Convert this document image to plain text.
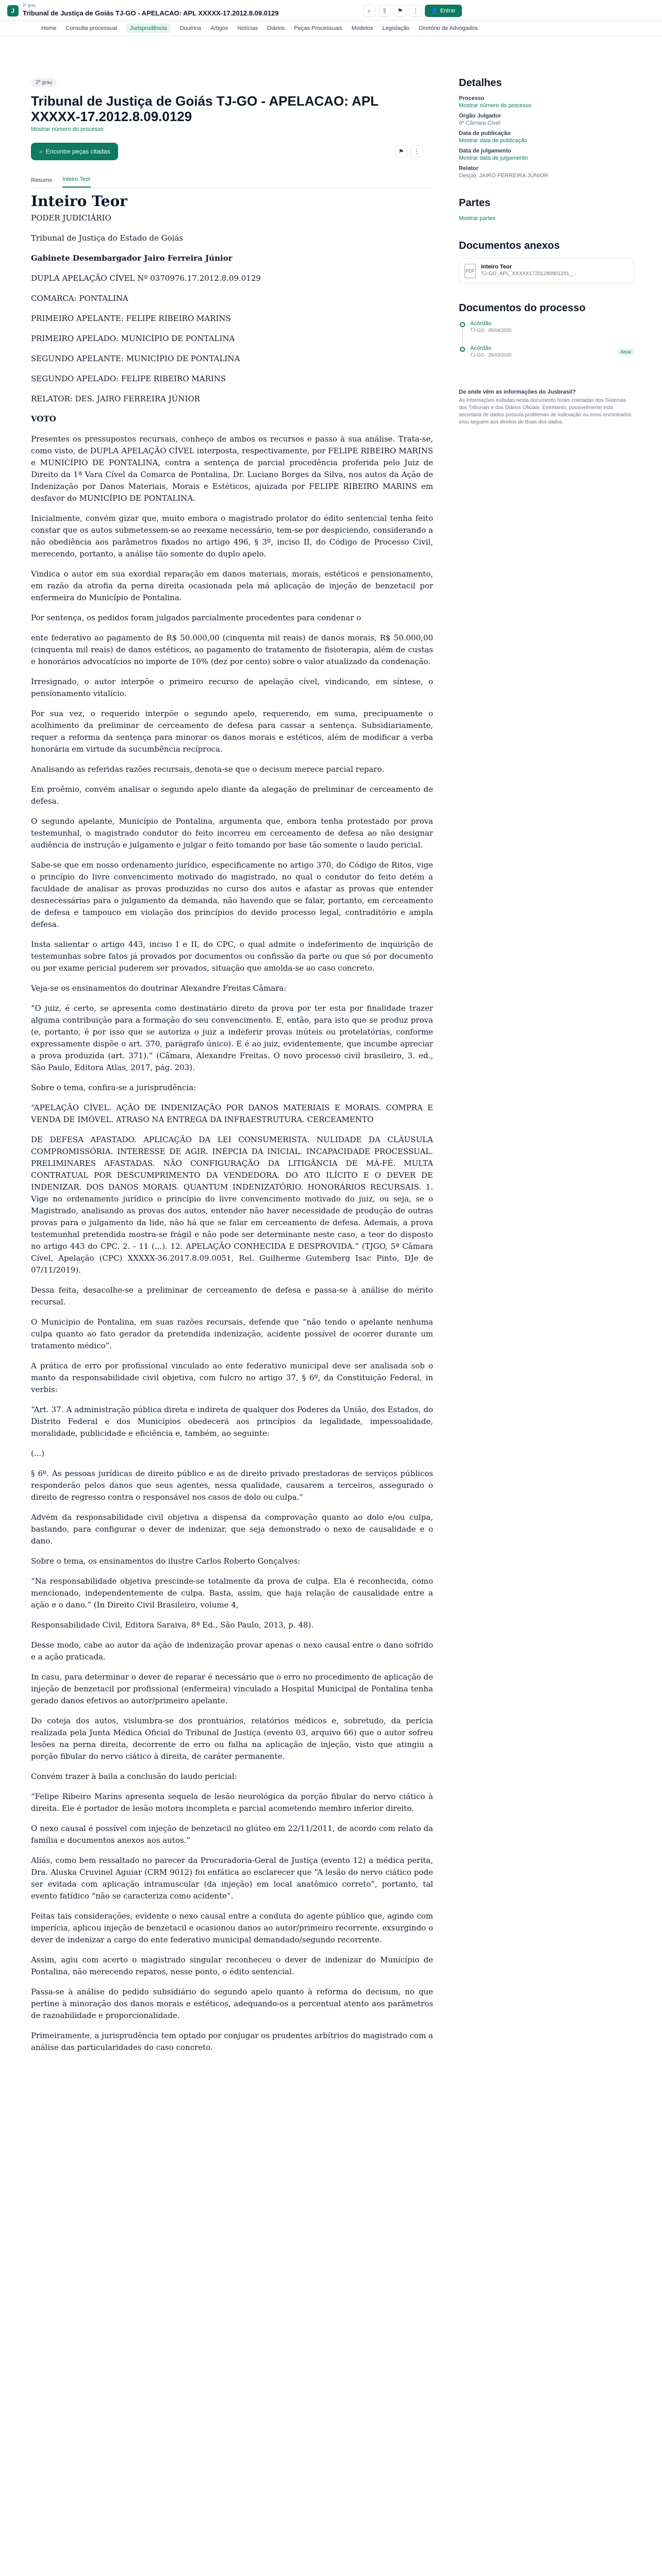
J
2º grau
Tribunal de Justiça de Goiás TJ-GO - APELACAO: APL XXXXX-17.2012.8.09.0129	⌕	⇪	⚑	⋮	👤 Entrar
Home Consulta processual	Jurisprudência	Doutrina Artigos Notícias Diários Peças Processuais Modelos Legislação Diretório de Advogados
2º grau
Tribunal de Justiça de Goiás TJ-GO - APELACAO: APL XXXXX-17.2012.8.09.0129
Mostrar número do processo
⌕ Encontre peças citadas	⚑	⋮
Resumo Inteiro Teor
Inteiro Teor

PODER JUDICIÁRIO

Tribunal de Justiça do Estado de Goiás

Gabinete Desembargador Jairo Ferreira Júnior

DUPLA APELAÇÃO CÍVEL Nº 0370976.17.2012.8.09.0129

COMARCA: PONTALINA

PRIMEIRO APELANTE: FELIPE RIBEIRO MARINS

PRIMEIRO APELADO: MUNICÍPIO DE PONTALINA

SEGUNDO APELANTE: MUNICÍPIO DE PONTALINA

SEGUNDO APELADO: FELIPE RIBEIRO MARINS

RELATOR: DES. JAIRO FERREIRA JÚNIOR

VOTO

Presentes os pressupostos recursais, conheço de ambos os recursos e passo à sua análise. Trata-se, como visto, de DUPLA APELAÇÃO CÍVEL interposta, respectivamente, por FELIPE RIBEIRO MARINS e MUNICÍPIO DE PONTALINA, contra a sentença de parcial procedência proferida pelo Juiz de Direito da 1ª Vara Cível da Comarca de Pontalina, Dr. Luciano Borges da Silva, nos autos da Ação de Indenização por Danos Materiais, Morais e Estéticos, ajuizada por FELIPE RIBEIRO MARINS em desfavor do MUNICÍPIO DE PONTALINA.

Inicialmente, convém gizar que, muito embora o magistrado prolator do édito sentencial tenha feito constar que os autos submetessem-se ao reexame necessário, tem-se por despiciendo, considerando a não obediência aos parâmetros fixados no artigo 496, § 3º, inciso II, do Código de Processo Civil, merecendo, portanto, a análise tão somente do duplo apelo.

Vindica o autor em sua exordial reparação em danos materiais, morais, estéticos e pensionamento, em razão da atrofia da perna direita ocasionada pela má aplicação de injeção de benzetacil por enfermeira do Município de Pontalina.

Por sentença, os pedidos foram julgados parcialmente procedentes para condenar o

ente federativo ao pagamento de R$ 50.000,00 (cinquenta mil reais) de danos morais, R$ 50.000,00 (cinquenta mil reais) de danos estéticos, ao pagamento do tratamento de fisioterapia, além de custas e honorários advocatícios no importe de 10% (dez por cento) sobre o valor atualizado da condenação.

Irresignado, o autor interpõe o primeiro recurso de apelação cível, vindicando, em síntese, o pensionamento vitalício.

Por sua vez, o requerido interpõe o segundo apelo, requerendo, em suma, precipuamente o acolhimento da preliminar de cerceamento de defesa para cassar a sentença. Subsidiariamente, requer a reforma da sentença para minorar os danos morais e estéticos, além de modificar a verba honorária em virtude da sucumbência recíproca.

Analisando as referidas razões recursais, denota-se que o decisum merece parcial reparo.

Em proêmio, convém analisar o segundo apelo diante da alegação de preliminar de cerceamento de defesa.

O segundo apelante, Município de Pontalina, argumenta que, embora tenha protestado por prova testemunhal, o magistrado condutor do feito incorreu em cerceamento de defesa ao não designar audiência de instrução e julgamento e julgar o feito tomando por base tão somente o laudo pericial.

Sabe-se que em nosso ordenamento jurídico, especificamente no artigo 370, do Código de Ritos, vige o princípio do livre convencimento motivado do magistrado, no qual o condutor do feito detém a faculdade de analisar as provas produzidas no curso dos autos e afastar as provas que entender desnecessárias para o julgamento da demanda, não havendo que se falar, portanto, em cerceamento de defesa e tampouco em violação dos princípios do devido processo legal, contraditório e ampla defesa.

Insta salientar o artigo 443, inciso I e II, do CPC, o qual admite o indeferimento de inquirição de testemunhas sobre fatos já provados por documentos ou confissão da parte ou que só por documento ou por exame pericial puderem ser provados, situação que amolda-se ao caso concreto.

Veja-se os ensinamentos do doutrinar Alexandre Freitas Câmara:

“O juiz, é certo, se apresenta como destinatário direto da prova por ter esta por finalidade trazer alguma contribuição para a formação do seu convencimento. E, então, para isto que se produz prova (e, portanto, é por isso que se autoriza o juiz a indeferir provas inúteis ou protelatórias, conforme expressamente dispõe o art. 370, parágrafo único). E é ao juiz, evidentemente, que incumbe apreciar a prova produzida (art. 371).” (Câmara, Alexandre Freitas. O novo processo civil brasileiro, 3. ed., São Paulo, Editora Atlas, 2017, pág. 203).

Sobre o tema, confira-se a jurisprudência:

“APELAÇÃO CÍVEL. AÇÃO DE INDENIZAÇÃO POR DANOS MATERIAIS E MORAIS. COMPRA E VENDA DE IMÓVEL. ATRASO NA ENTREGA DA INFRAESTRUTURA. CERCEAMENTO

DE DEFESA AFASTADO. APLICAÇÃO DA LEI CONSUMERISTA. NULIDADE DA CLÁUSULA COMPROMISSÓRIA. INTERESSE DE AGIR. INÉPCIA DA INICIAL. INCAPACIDADE PROCESSUAL. PRELIMINARES AFASTADAS. NÃO CONFIGURAÇÃO DA LITIGÂNCIA DE MÁ-FÉ. MULTA CONTRATUAL POR DESCUMPRIMENTO DA VENDEDORA. DO ATO ILÍCITO E O DEVER DE INDENIZAR. DOS DANOS MORAIS. QUANTUM INDENIZATÓRIO. HONORÁRIOS RECURSAIS. 1. Vige no ordenamento jurídico o princípio do livre convencimento motivado do juiz, ou seja, se o Magistrado, analisando as provas dos autos, entender não haver necessidade de produção de outras provas para o julgamento da lide, não há que se falar em cerceamento de defesa. Ademais, a prova testemunhal pretendida mostra-se frágil e não pode ser determinante neste caso, a teor do disposto no artigo 443 do CPC. 2. - 11 (...). 12. APELAÇÃO CONHECIDA E DESPROVIDA.” (TJGO, 5ª Câmara Cível, Apelação (CPC) XXXXX-36.2017.8.09.0051, Rel. Guilherme Gutemberg Isac Pinto, DJe de 07/11/2019).

Dessa feita, desacolhe-se a preliminar de cerceamento de defesa e passa-se à análise do mérito recursal.

O Município de Pontalina, em suas razões recursais, defende que “não tendo o apelante nenhuma culpa quanto ao fato gerador da pretendida indenização, acidente possível de ocorrer durante um tratamento médico”.

A prática de erro por profissional vinculado ao ente federativo municipal deve ser analisada sob o manto da responsabilidade civil objetiva, com fulcro no artigo 37, § 6º, da Constituição Federal, in verbis:

“Art. 37. A administração pública direta e indireta de qualquer dos Poderes da União, dos Estados, do Distrito Federal e dos Municípios obedecerá aos princípios da legalidade, impessoalidade, moralidade, publicidade e eficiência e, também, ao seguinte:

(...)

§ 6º. As pessoas jurídicas de direito público e as de direito privado prestadoras de serviços públicos responderão pelos danos que seus agentes, nessa qualidade, causarem a terceiros, assegurado o direito de regresso contra o responsável nos casos de dolo ou culpa.”

Advém da responsabilidade civil objetiva a dispensa da comprovação quanto ao dolo e/ou culpa, bastando, para configurar o dever de indenizar, que seja demonstrado o nexo de causalidade e o dano.

Sobre o tema, os ensinamentos do ilustre Carlos Roberto Gonçalves:

“Na responsabilidade objetiva prescinde-se totalmente da prova de culpa. Ela é reconhecida, como mencionado, independentemente de culpa. Basta, assim, que haja relação de causalidade entre a ação e o dano.” (In Direito Civil Brasileiro, volume 4,

Responsabilidade Civil, Editora Saraiva, 8ª Ed., São Paulo, 2013, p. 48).

Desse modo, cabe ao autor da ação de indenização provar apenas o nexo causal entre o dano sofrido e a ação praticada.

In casu, para determinar o dever de reparar é necessário que o erro no procedimento de aplicação de injeção de benzetacil por profissional (enfermeira) vinculado a Hospital Municipal de Pontalina tenha gerado danos efetivos ao autor/primeiro apelante.

Do coteja dos autos, vislumbra-se dos prontuários, relatórios médicos e, sobretudo, da perícia realizada pela Junta Médica Oficial do Tribunal de Justiça (evento 03, arquivo 66) que o autor sofreu lesões na perna direita, decorrente de erro ou falha na aplicação de injeção, visto que atingiu a porção fibular do nervo ciático à direita, de caráter permanente.

Convém trazer à baila a conclusão do laudo pericial:

“Felipe Ribeiro Marins apresenta sequela de lesão neurológica da porção fibular do nervo ciático à direita. Ele é portador de lesão motora incompleta e parcial acometendo membro inferior direito.

O nexo causal é possível com injeção de benzetacil no glúteo em 22/11/2011, de acordo com relato da família e documentos anexos aos autos.”

Aliás, como bem ressaltado no parecer da Procuradoria-Geral de Justiça (evento 12) a médica perita, Dra. Aluska Cruvinel Aguiar (CRM 9012) foi enfática ao esclarecer que “A lesão do nervo ciático pode ser evitada com aplicação intramuscular (da injeção) em local anatômico correto”, portanto, tal evento fatídico “não se caracteriza como acidente”.

Feitas tais considerações, evidente o nexo causal entre a conduta do agente público que, agindo com imperícia, aplicou injeção de benzetacil e ocasionou danos ao autor/primeiro recorrente, exsurgindo o dever de indenizar a cargo do ente federativo municipal demandado/segundo recorrente.

Assim, agiu com acerto o magistrado singular reconheceu o dever de indenizar do Município de Pontalina, não merecendo reparos, nesse ponto, o édito sentencial.

Passa-se à análise do pedido subsidiário do segundo apelo quanto à reforma do decisum, no que pertine à minoração dos danos morais e estéticos, adequando-os a percentual atento aos parâmetros de razoabilidade e proporcionalidade.

Primeiramente, a jurisprudência tem optado por conjugar os prudentes arbítrios do magistrado com a análise das particularidades do caso concreto.

Detalhes
Processo
Mostrar número do processo
Órgão Julgador
6ª Câmara Cível
Data de publicação
Mostrar data de publicação
Data de julgamento
Mostrar data de julgamento
Relator
Des(a). JAIRO FERREIRA JÚNIOR
Partes
Mostrar partes
Documentos anexos
PDF
Inteiro Teor
TJ-GO_APL_XXXXX17201280901291_...
Documentos do processo
Acórdão
TJ-GO · 05/04/2020
Acórdão
TJ-GO · 25/03/2020
Atual
De onde vêm as informações do Jusbrasil?
As informações exibidas nesta documento foram coletadas dos Sistemas dos Tribunais e dos Diários Oficiais. Entretanto, possivelmente esta secretaria de dados possuía problemas de indexação ou erros encontrados e/ou seguem aos direitos de Boas dos dados.
